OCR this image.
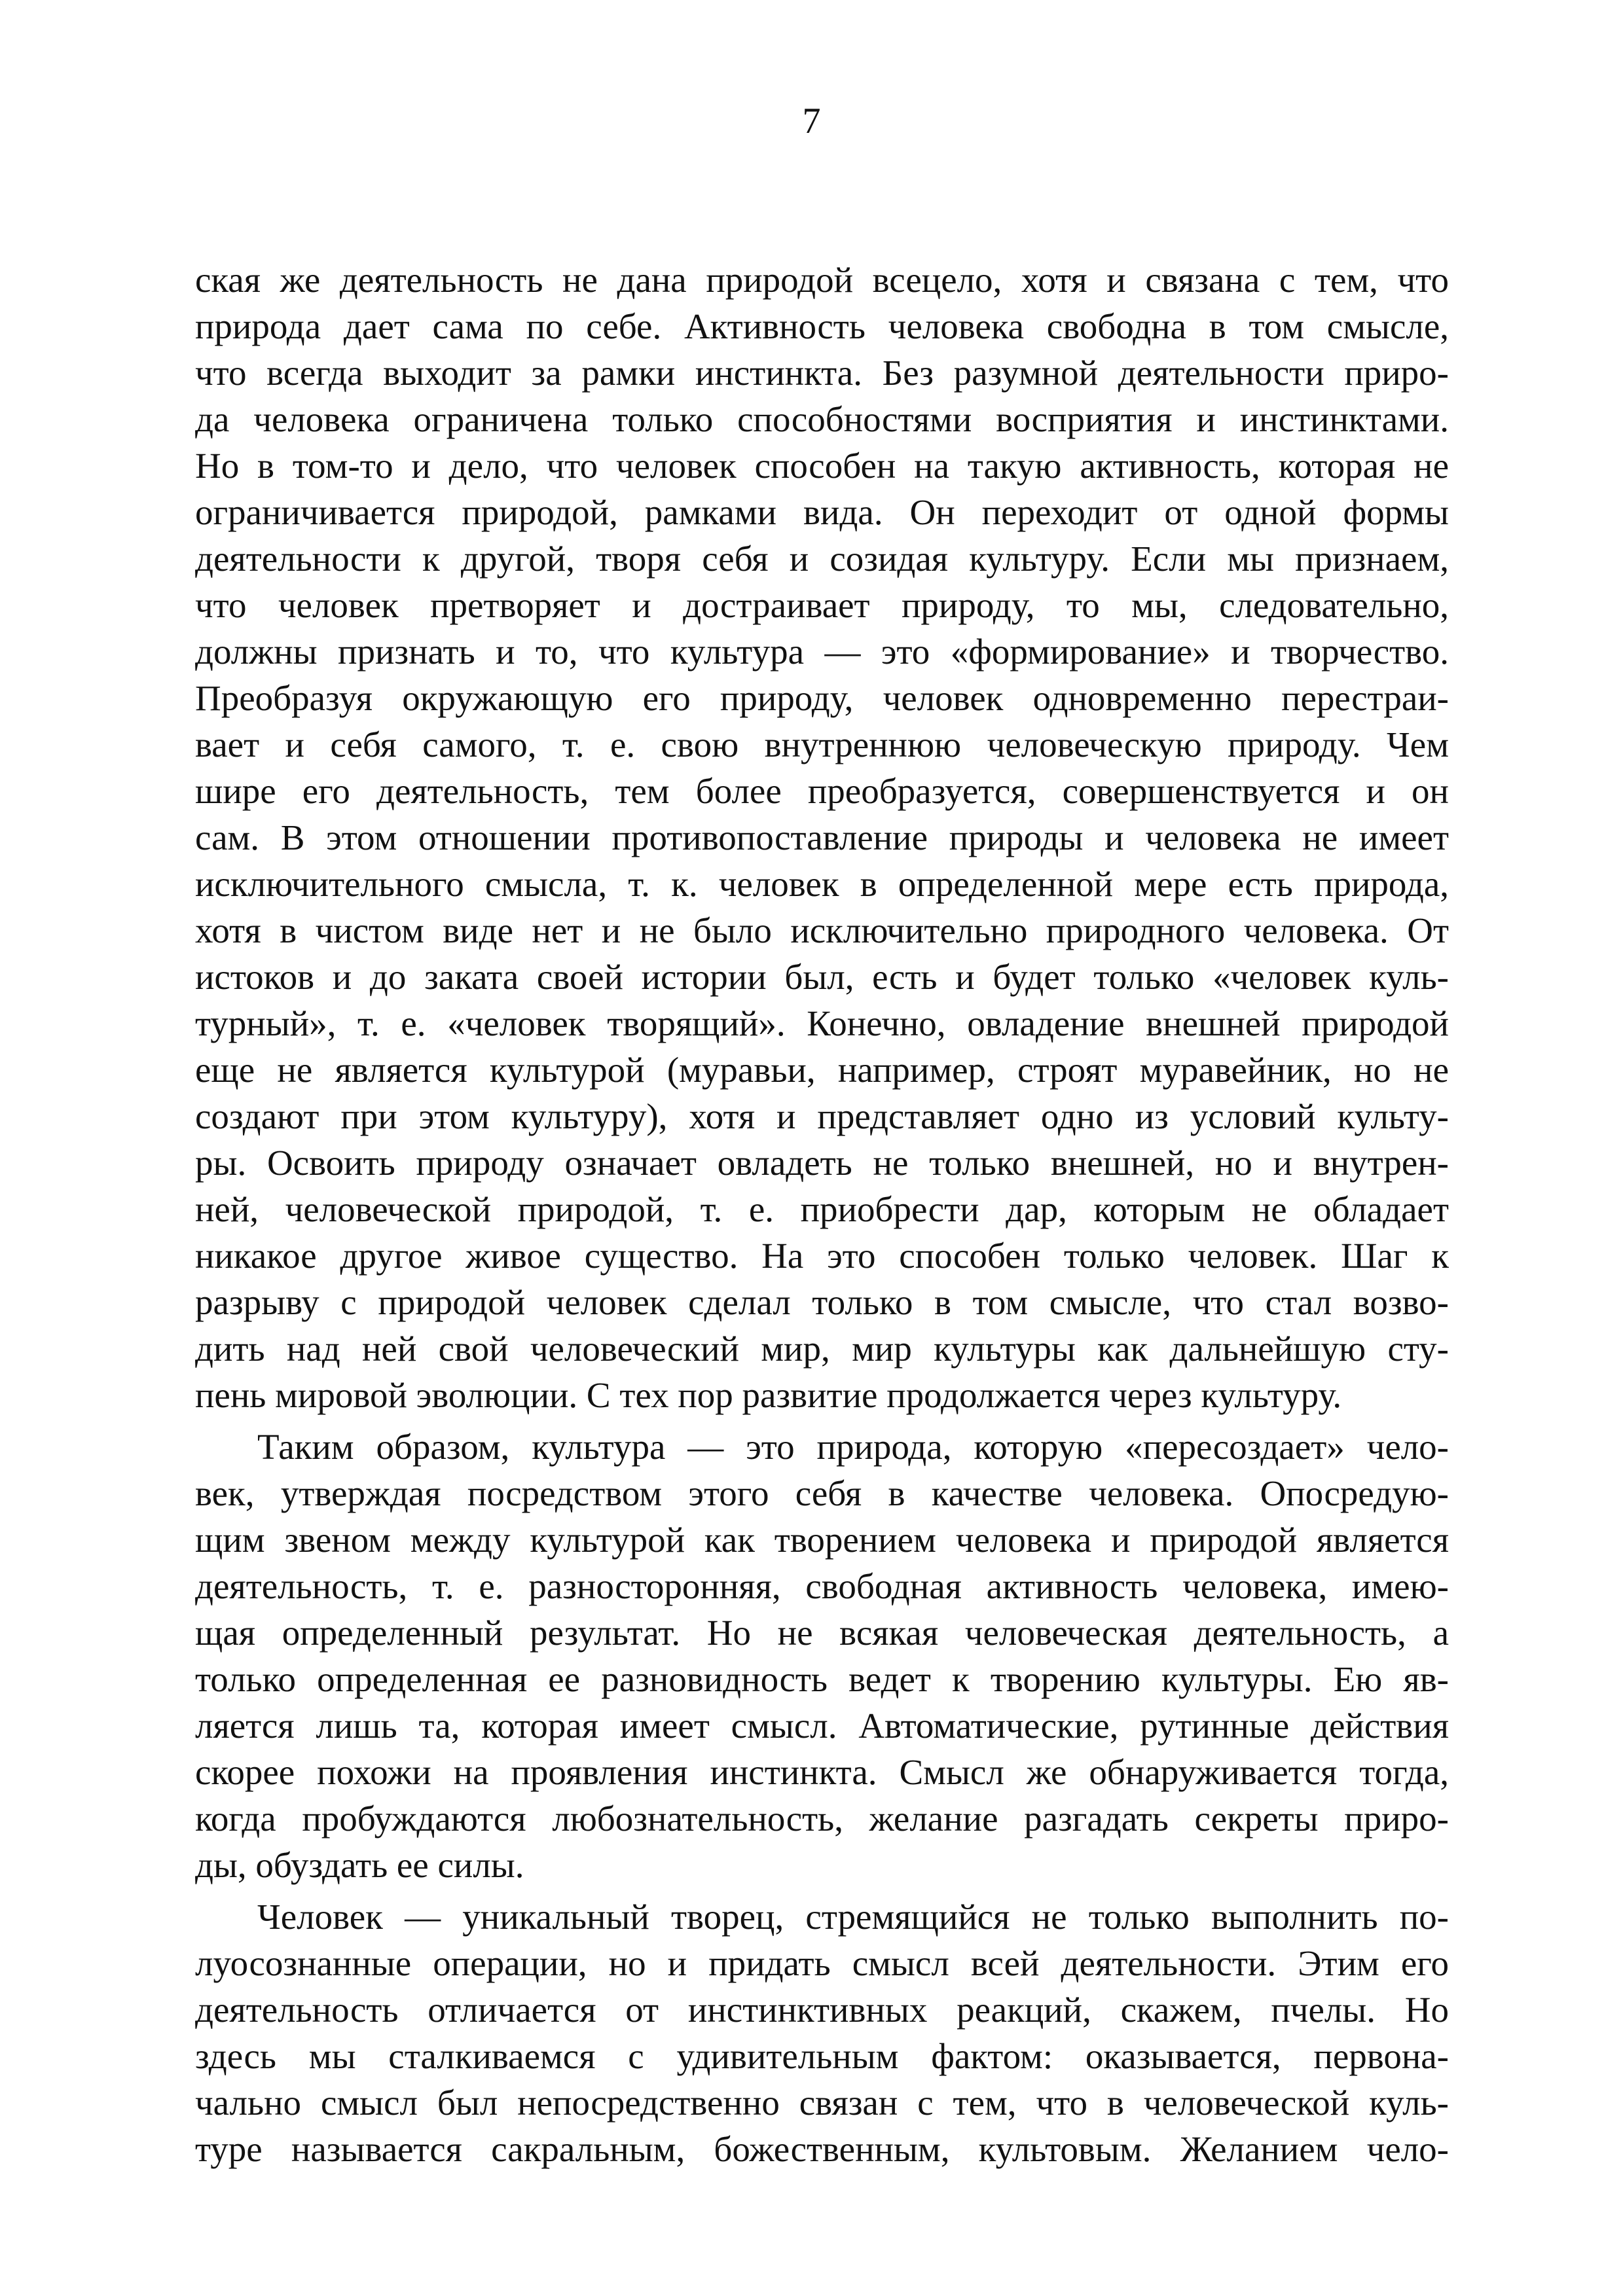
7
ская же деятельность не дана природой всецело, хотя и связана с тем, что
природа дает сама по себе. Активность человека свободна в том смысле,
что всегда выходит за рамки инстинкта. Без разумной деятельности приро-
да человека ограничена только способностями восприятия и инстинктами.
Но в том-то и дело, что человек способен на такую активность, которая не
ограничивается природой, рамками вида. Он переходит от одной формы
деятельности к другой, творя себя и созидая культуру. Если мы признаем,
что человек претворяет и достраивает природу, то мы, следовательно,
должны признать и то, что культура — это «формирование» и творчество.
Преобразуя окружающую его природу, человек одновременно перестраи-
вает и себя самого, т. е. свою внутреннюю человеческую природу. Чем
шире его деятельность, тем более преобразуется, совершенствуется и он
сам. В этом отношении противопоставление природы и человека не имеет
исключительного смысла, т. к. человек в определенной мере есть природа,
хотя в чистом виде нет и не было исключительно природного человека. От
истоков и до заката своей истории был, есть и будет только «человек куль-
турный», т. е. «человек творящий». Конечно, овладение внешней природой
еще не является культурой (муравьи, например, строят муравейник, но не
создают при этом культуру), хотя и представляет одно из условий культу-
ры. Освоить природу означает овладеть не только внешней, но и внутрен-
ней, человеческой природой, т. е. приобрести дар, которым не обладает
никакое другое живое существо. На это способен только человек. Шаг к
разрыву с природой человек сделал только в том смысле, что стал возво-
дить над ней свой человеческий мир, мир культуры как дальнейшую сту-
пень мировой эволюции. С тех пор развитие продолжается через культуру.
Таким образом, культура — это природа, которую «пересоздает» чело-
век, утверждая посредством этого себя в качестве человека. Опосредую-
щим звеном между культурой как творением человека и природой является
деятельность, т. е. разносторонняя, свободная активность человека, имею-
щая определенный результат. Но не всякая человеческая деятельность, а
только определенная ее разновидность ведет к творению культуры. Ею яв-
ляется лишь та, которая имеет смысл. Автоматические, рутинные действия
скорее похожи на проявления инстинкта. Смысл же обнаруживается тогда,
когда пробуждаются любознательность, желание разгадать секреты приро-
ды, обуздать ее силы.
Человек — уникальный творец, стремящийся не только выполнить по-
луосознанные операции, но и придать смысл всей деятельности. Этим его
деятельность отличается от инстинктивных реакций, скажем, пчелы. Но
здесь мы сталкиваемся с удивительным фактом: оказывается, первона-
чально смысл был непосредственно связан с тем, что в человеческой куль-
туре называется сакральным, божественным, культовым. Желанием чело-
